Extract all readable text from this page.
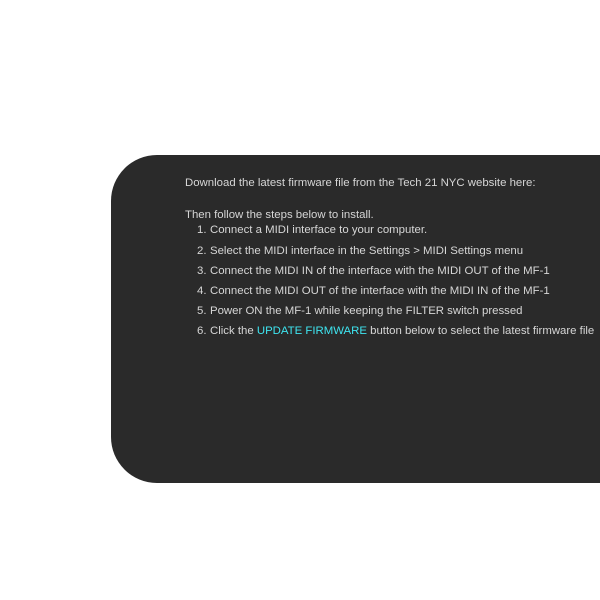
Download the latest firmware file from the Tech 21 NYC website here:
Then follow the steps below to install.
1. Connect a MIDI interface to your computer.
2. Select the MIDI interface in the Settings > MIDI Settings menu
3. Connect the MIDI IN of the interface with the MIDI OUT of the MF-1
4. Connect the MIDI OUT of the interface with the MIDI IN of the MF-1
5. Power ON the MF-1 while keeping the FILTER switch pressed
6. Click the UPDATE FIRMWARE button below to select the latest firmware file
